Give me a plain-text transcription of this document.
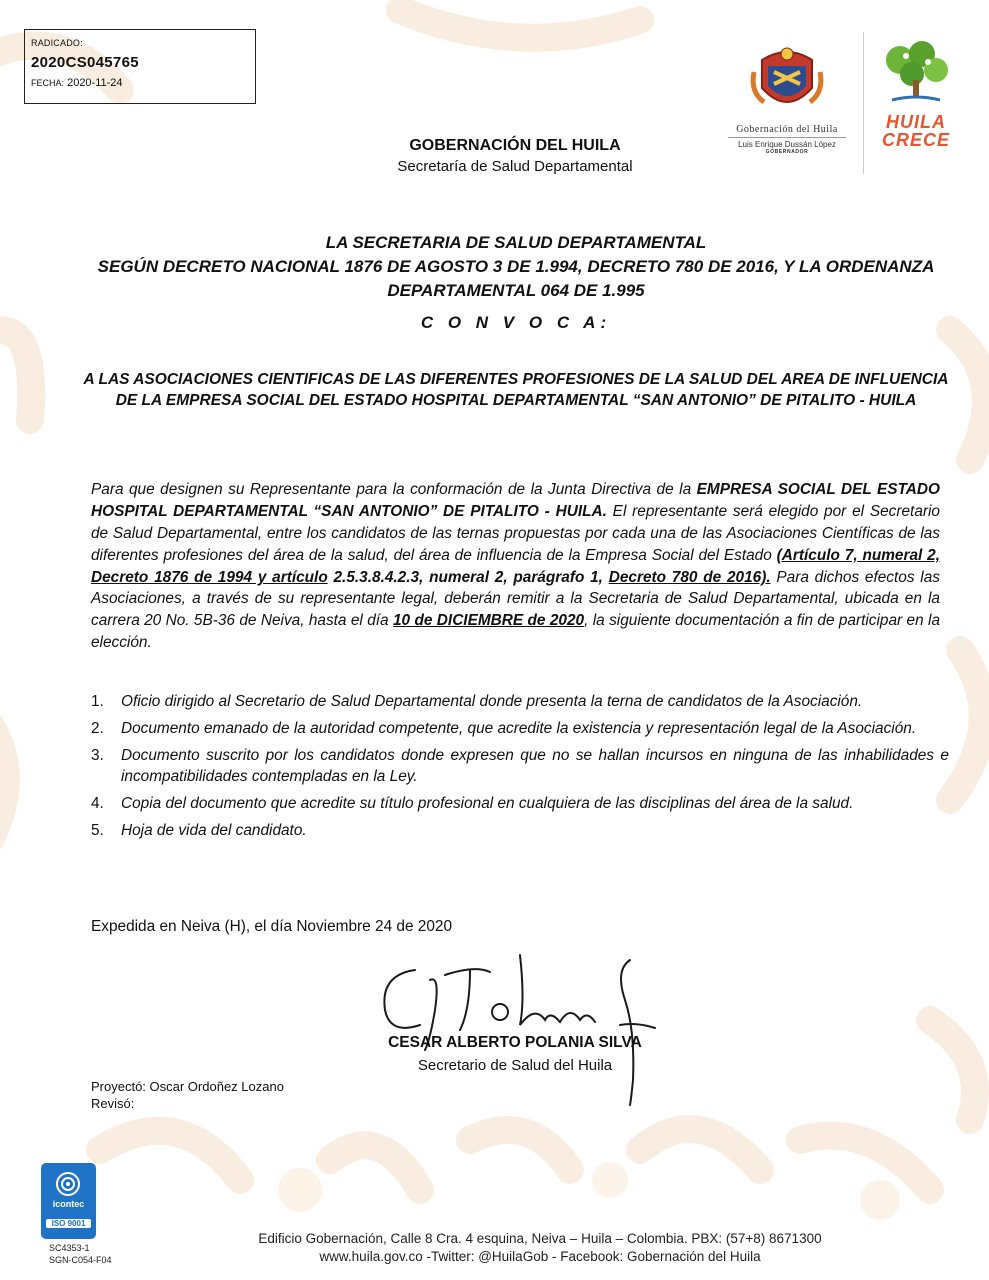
RADICADO:
2020CS045765
FECHA: 2020-11-24
Gobernación del Huila
Luis Enrique Dussán López
GOBERNADOR
HUILA
CRECE
GOBERNACIÓN DEL HUILA
Secretaría de Salud Departamental
LA SECRETARIA DE SALUD DEPARTAMENTAL
SEGÚN DECRETO NACIONAL 1876 DE AGOSTO 3 DE 1.994, DECRETO 780 DE 2016, Y LA ORDENANZA DEPARTAMENTAL 064 DE 1.995
C O N V O C A:
A LAS ASOCIACIONES CIENTIFICAS DE LAS DIFERENTES PROFESIONES DE LA SALUD DEL AREA DE INFLUENCIA DE LA EMPRESA SOCIAL DEL ESTADO HOSPITAL DEPARTAMENTAL “SAN ANTONIO” DE PITALITO - HUILA

Para que designen su Representante para la conformación de la Junta Directiva de la EMPRESA SOCIAL DEL ESTADO HOSPITAL DEPARTAMENTAL “SAN ANTONIO” DE PITALITO - HUILA. El representante será elegido por el Secretario de Salud Departamental, entre los candidatos de las ternas propuestas por cada una de las Asociaciones Científicas de las diferentes profesiones del área de la salud, del área de influencia de la Empresa Social del Estado (Artículo 7, numeral 2, Decreto 1876 de 1994 y artículo 2.5.3.8.4.2.3, numeral 2, parágrafo 1, Decreto 780 de 2016). Para dichos efectos las Asociaciones, a través de su representante legal, deberán remitir a la Secretaria de Salud Departamental, ubicada en la carrera 20 No. 5B-36 de Neiva, hasta el día 10 de DICIEMBRE de 2020, la siguiente documentación a fin de participar en la elección.

1. Oficio dirigido al Secretario de Salud Departamental donde presenta la terna de candidatos de la Asociación.
2. Documento emanado de la autoridad competente, que acredite la existencia y representación legal de la Asociación.
3. Documento suscrito por los candidatos donde expresen que no se hallan incursos en ninguna de las inhabilidades e incompatibilidades contempladas en la Ley.
4. Copia del documento que acredite su título profesional en cualquiera de las disciplinas del área de la salud.
5. Hoja de vida del candidato.
Expedida en Neiva (H), el día Noviembre 24 de 2020
CESAR ALBERTO POLANIA SILVA
Secretario de Salud del Huila
Proyectó: Oscar Ordoñez Lozano
Revisó:
icontec
ISO 9001
SC4353-1
SGN-C054-F04
Edificio Gobernación, Calle 8 Cra. 4 esquina, Neiva – Huila – Colombia. PBX: (57+8) 8671300
www.huila.gov.co -Twitter: @HuilaGob - Facebook: Gobernación del Huila
